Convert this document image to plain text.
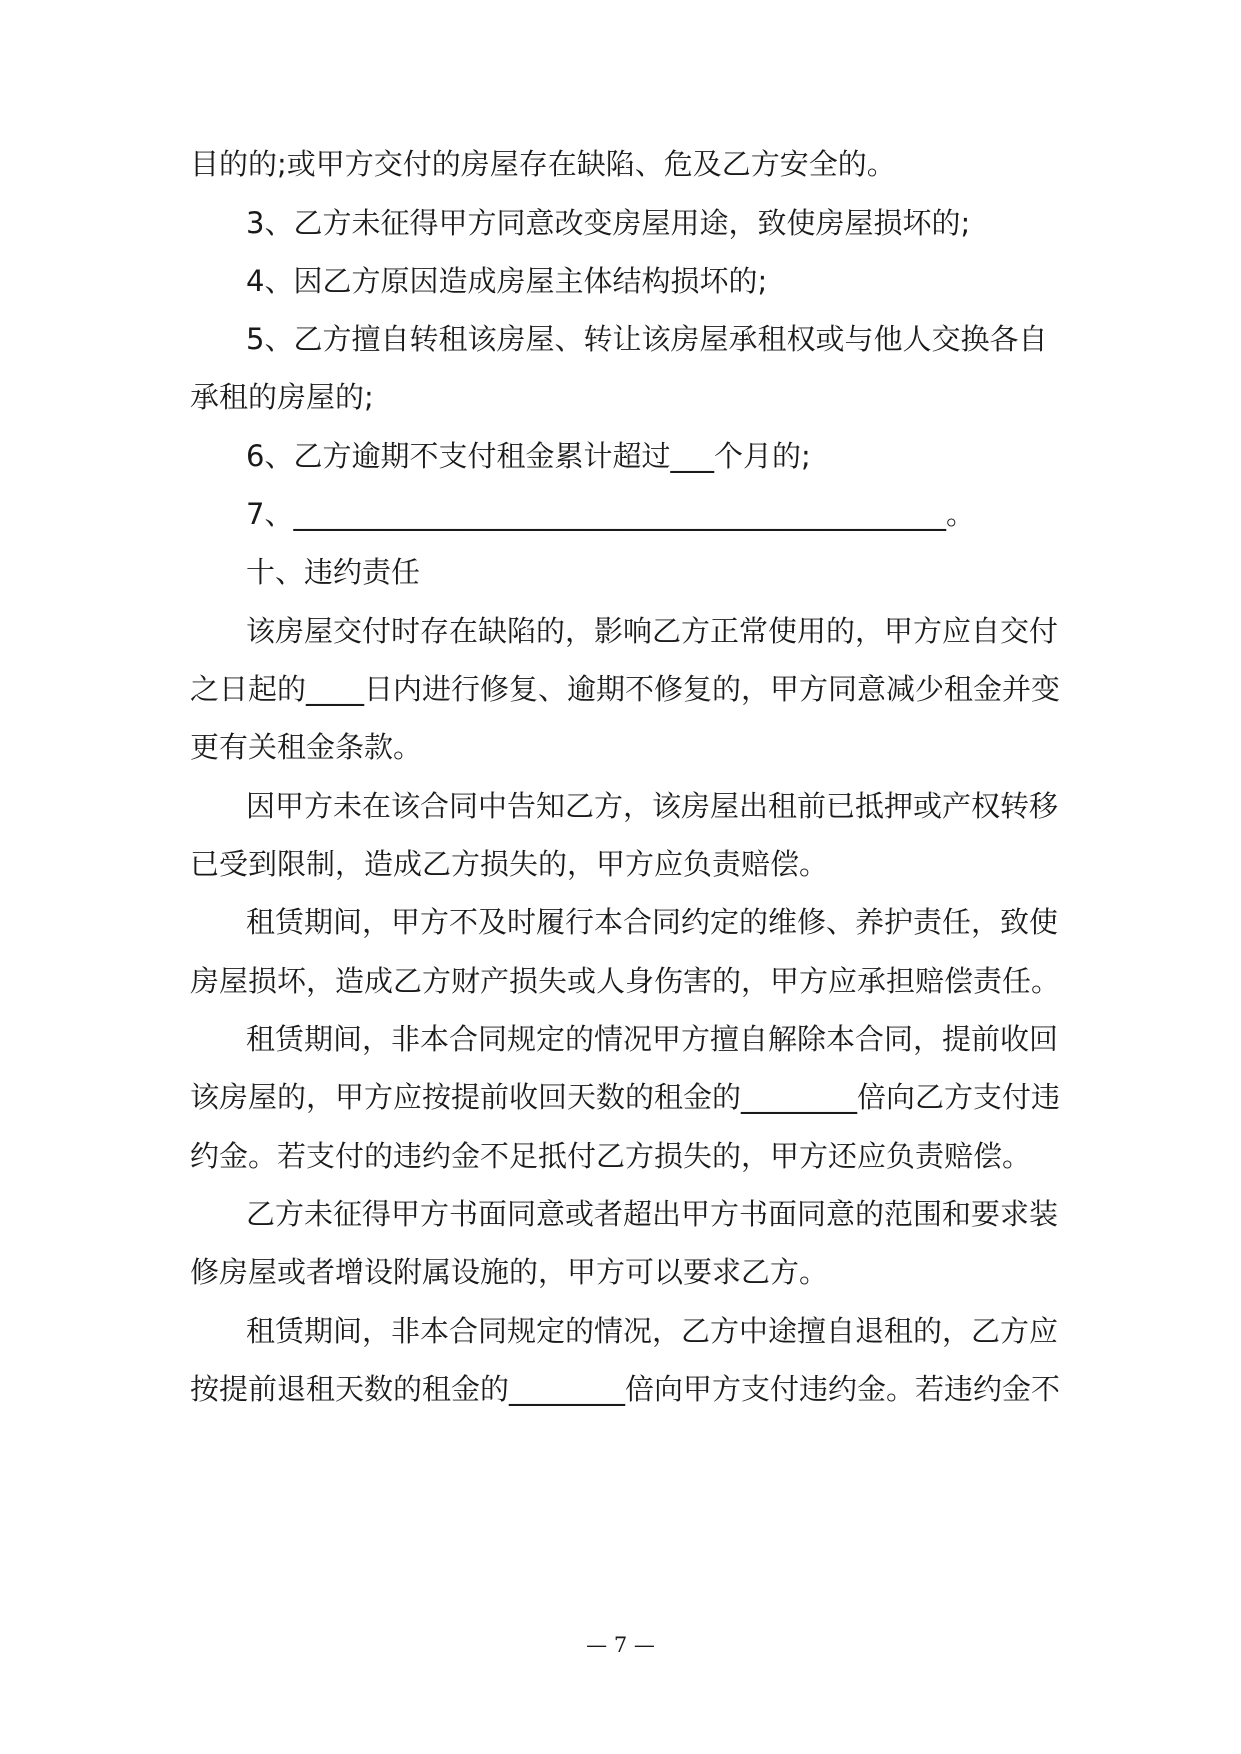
目的的;或甲方交付的房屋存在缺陷、危及乙方安全的。
3、乙方未征得甲方同意改变房屋用途，致使房屋损坏的;
4、因乙方原因造成房屋主体结构损坏的;
5、乙方擅自转租该房屋、转让该房屋承租权或与他人交换各自
承租的房屋的;
6、乙方逾期不支付租金累计超过___个月的;
7、_____________________________________________。
十、违约责任
该房屋交付时存在缺陷的，影响乙方正常使用的，甲方应自交付
之日起的____日内进行修复、逾期不修复的，甲方同意减少租金并变
更有关租金条款。
因甲方未在该合同中告知乙方，该房屋出租前已抵押或产权转移
已受到限制，造成乙方损失的，甲方应负责赔偿。
租赁期间，甲方不及时履行本合同约定的维修、养护责任，致使
房屋损坏，造成乙方财产损失或人身伤害的，甲方应承担赔偿责任。
租赁期间，非本合同规定的情况甲方擅自解除本合同，提前收回
该房屋的，甲方应按提前收回天数的租金的________倍向乙方支付违
约金。若支付的违约金不足抵付乙方损失的，甲方还应负责赔偿。
乙方未征得甲方书面同意或者超出甲方书面同意的范围和要求装
修房屋或者增设附属设施的，甲方可以要求乙方。
租赁期间，非本合同规定的情况，乙方中途擅自退租的，乙方应
按提前退租天数的租金的________倍向甲方支付违约金。若违约金不
— 7 —
